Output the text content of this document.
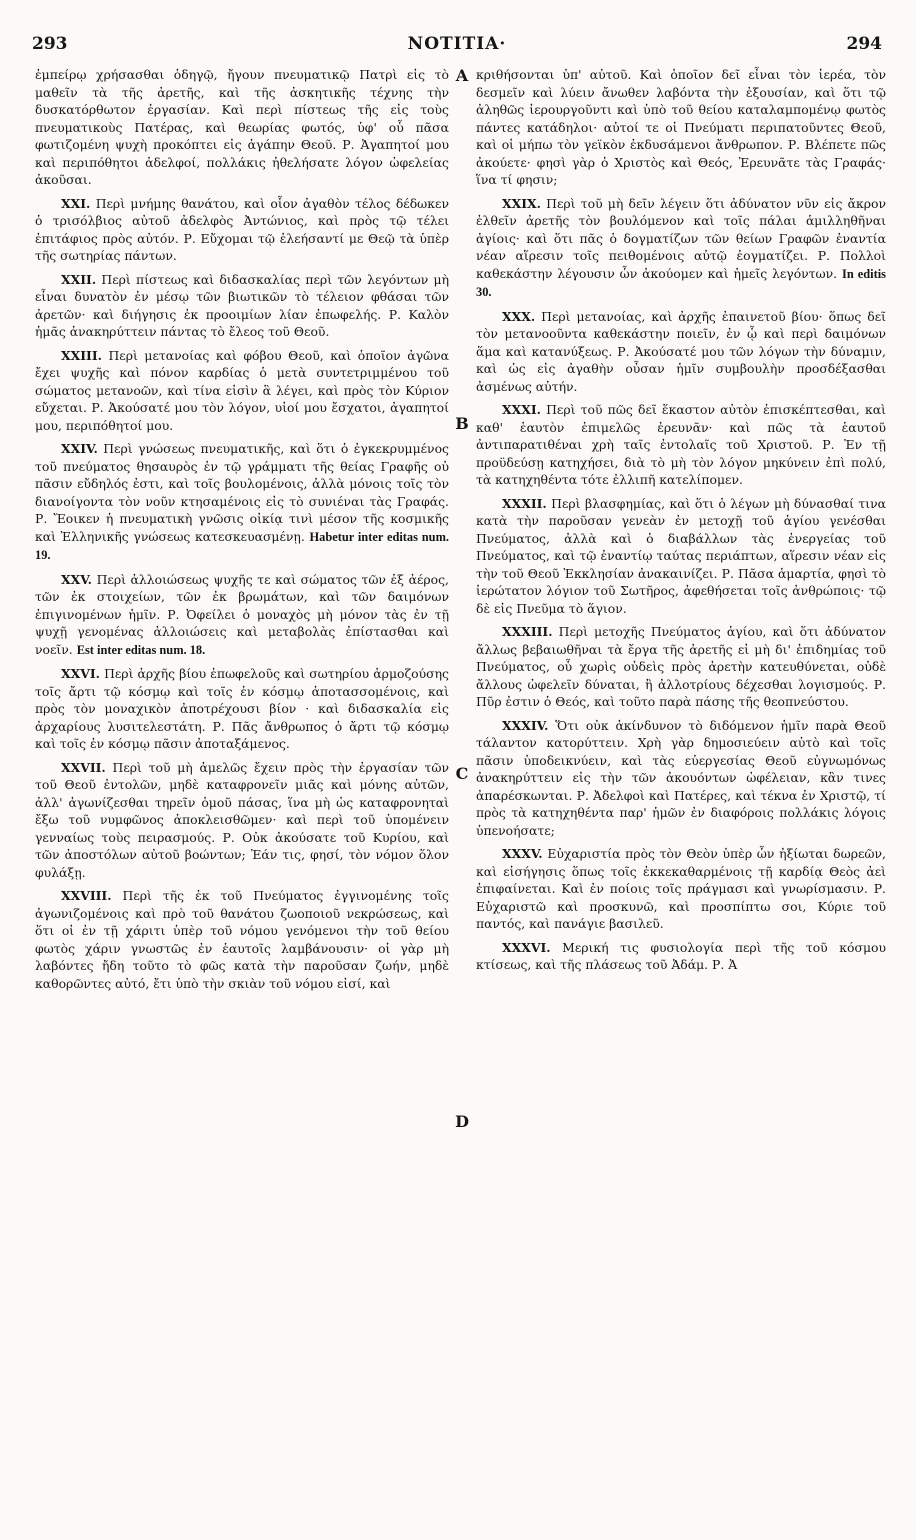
293	NOTITIA·	294
A
B
C
D

ἐμπείρῳ χρήσασθαι ὁδηγῷ, ἤγουν πνευματικῷ Πατρὶ εἰς τὸ μαθεῖν τὰ τῆς ἀρετῆς, καὶ τῆς ἀσκητικῆς τέχνης τὴν δυσκατόρθωτον ἐργασίαν. Καὶ περὶ πίστεως τῆς εἰς τοὺς πνευματικοὺς Πατέρας, καὶ θεωρίας φωτός, ὑφ' οὗ πᾶσα φωτιζομένη ψυχὴ προκόπτει εἰς ἀγάπην Θεοῦ. Ρ. Ἀγαπητοί μου καὶ περιπόθητοι ἀδελφοί, πολλάκις ἠθελήσατε λόγον ὠφελείας ἀκοῦσαι.

XXI. Περὶ μνήμης θανάτου, καὶ οἷον ἀγαθὸν τέλος δέδωκεν ὁ τρισόλβιος αὐτοῦ ἀδελφὸς Ἀντώνιος, καὶ πρὸς τῷ τέλει ἐπιτάφιος πρὸς αὐτόν. Ρ. Εὔχομαι τῷ ἐλεήσαντί με Θεῷ τὰ ὑπὲρ τῆς σωτηρίας πάντων.

XXII. Περὶ πίστεως καὶ διδασκαλίας περὶ τῶν λεγόντων μὴ εἶναι δυνατὸν ἐν μέσῳ τῶν βιωτικῶν τὸ τέλειον φθάσαι τῶν ἀρετῶν· καὶ διήγησις ἐκ προοιμίων λίαν ἐπωφελής. Ρ. Καλὸν ἡμᾶς ἀνακηρύττειν πάντας τὸ ἔλεος τοῦ Θεοῦ.

XXIII. Περὶ μετανοίας καὶ φόβου Θεοῦ, καὶ ὁποῖον ἀγῶνα ἔχει ψυχῆς καὶ πόνον καρδίας ὁ μετὰ συντετριμμένου τοῦ σώματος μετανοῶν, καὶ τίνα εἰσὶν ἃ λέγει, καὶ πρὸς τὸν Κύριον εὔχεται. Ρ. Ἀκούσατέ μου τὸν λόγον, υἱοί μου ἔσχατοι, ἀγαπητοί μου, περιπόθητοί μου.

XXIV. Περὶ γνώσεως πνευματικῆς, καὶ ὅτι ὁ ἐγκεκρυμμένος τοῦ πνεύματος θησαυρὸς ἐν τῷ γράμματι τῆς θείας Γραφῆς οὐ πᾶσιν εὔδηλός ἐστι, καὶ τοῖς βουλομένοις, ἀλλὰ μόνοις τοῖς τὸν διανοίγοντα τὸν νοῦν κτησαμένοις εἰς τὸ συνιέναι τὰς Γραφάς. Ρ. Ἔοικεν ἡ πνευματικὴ γνῶσις οἰκίᾳ τινὶ μέσον τῆς κοσμικῆς καὶ Ἑλληνικῆς γνώσεως κατεσκευασμένῃ. Habetur inter editas num. 19.

XXV. Περὶ ἀλλοιώσεως ψυχῆς τε καὶ σώματος τῶν ἐξ ἀέρος, τῶν ἐκ στοιχείων, τῶν ἐκ βρωμάτων, καὶ τῶν δαιμόνων ἐπιγινομένων ἡμῖν. Ρ. Ὀφείλει ὁ μοναχὸς μὴ μόνον τὰς ἐν τῇ ψυχῇ γενομένας ἀλλοιώσεις καὶ μεταβολὰς ἐπίστασθαι καὶ νοεῖν. Est inter editas num. 18.

XXVI. Περὶ ἀρχῆς βίου ἐπωφελοῦς καὶ σωτηρίου ἁρμοζούσης τοῖς ἄρτι τῷ κόσμῳ καὶ τοῖς ἐν κόσμῳ ἀποτασσομένοις, καὶ πρὸς τὸν μοναχικὸν ἀποτρέχουσι βίον · καὶ διδασκαλία εἰς ἀρχαρίους λυσιτελεστάτη. Ρ. Πᾶς ἄνθρωπος ὁ ἄρτι τῷ κόσμῳ καὶ τοῖς ἐν κόσμῳ πᾶσιν ἀποταξάμενος.

XXVII. Περὶ τοῦ μὴ ἀμελῶς ἔχειν πρὸς τὴν ἐργασίαν τῶν τοῦ Θεοῦ ἐντολῶν, μηδὲ καταφρονεῖν μιᾶς καὶ μόνης αὐτῶν, ἀλλ' ἀγωνίζεσθαι τηρεῖν ὁμοῦ πάσας, ἵνα μὴ ὡς καταφρονηταὶ ἔξω τοῦ νυμφῶνος ἀποκλεισθῶμεν· καὶ περὶ τοῦ ὑπομένειν γενναίως τοὺς πειρασμούς. Ρ. Οὐκ ἀκούσατε τοῦ Κυρίου, καὶ τῶν ἀποστόλων αὐτοῦ βοώντων; Ἐάν τις, φησί, τὸν νόμον ὅλον φυλάξῃ.

XXVIII. Περὶ τῆς ἐκ τοῦ Πνεύματος ἐγγινομένης τοῖς ἀγωνιζομένοις καὶ πρὸ τοῦ θανάτου ζωοποιοῦ νεκρώσεως, καὶ ὅτι οἱ ἐν τῇ χάριτι ὑπὲρ τοῦ νόμου γενόμενοι τὴν τοῦ θείου φωτὸς χάριν γνωστῶς ἐν ἑαυτοῖς λαμβάνουσιν· οἱ γὰρ μὴ λαβόντες ἤδη τοῦτο τὸ φῶς κατὰ τὴν παροῦσαν ζωήν, μηδὲ καθορῶντες αὐτό, ἔτι ὑπὸ τὴν σκιὰν τοῦ νόμου εἰσί, καὶ

κριθήσονται ὑπ' αὐτοῦ. Καὶ ὁποῖον δεῖ εἶναι τὸν ἱερέα, τὸν δεσμεῖν καὶ λύειν ἄνωθεν λαβόντα τὴν ἐξουσίαν, καὶ ὅτι τῷ ἀληθῶς ἱερουργοῦντι καὶ ὑπὸ τοῦ θείου καταλαμπομένῳ φωτὸς πάντες κατάδηλοι· αὐτοί τε οἱ Πνεύματι περιπατοῦντες Θεοῦ, καὶ οἱ μήπω τὸν γεϊκὸν ἐκδυσάμενοι ἄνθρωπον. Ρ. Βλέπετε πῶς ἀκούετε· φησὶ γὰρ ὁ Χριστὸς καὶ Θεός, Ἐρευνᾶτε τὰς Γραφάς· ἵνα τί φησιν;

XXIX. Περὶ τοῦ μὴ δεῖν λέγειν ὅτι ἀδύνατον νῦν εἰς ἄκρον ἐλθεῖν ἀρετῆς τὸν βουλόμενον καὶ τοῖς πάλαι ἁμιλληθῆναι ἁγίοις· καὶ ὅτι πᾶς ὁ δογματίζων τῶν θείων Γραφῶν ἐναντία νέαν αἵρεσιν τοῖς πειθομένοις αὐτῷ ἐογματίζει. Ρ. Πολλοὶ καθεκάστην λέγουσιν ὧν ἀκούομεν καὶ ἡμεῖς λεγόντων. In editis 30.

XXX. Περὶ μετανοίας, καὶ ἀρχῆς ἐπαινετοῦ βίου· ὅπως δεῖ τὸν μετανοοῦντα καθεκάστην ποιεῖν, ἐν ᾧ καὶ περὶ δαιμόνων ἅμα καὶ κατανύξεως. Ρ. Ἀκούσατέ μου τῶν λόγων τὴν δύναμιν, καὶ ὡς εἰς ἀγαθὴν οὖσαν ἡμῖν συμβουλὴν προσδέξασθαι ἀσμένως αὐτήν.

XXXI. Περὶ τοῦ πῶς δεῖ ἕκαστον αὐτὸν ἐπισκέπτεσθαι, καὶ καθ' ἑαυτὸν ἐπιμελῶς ἐρευνᾶν· καὶ πῶς τὰ ἑαυτοῦ ἀντιπαρατιθέναι χρὴ ταῖς ἐντολαῖς τοῦ Χριστοῦ. Ρ. Ἐν τῇ προϋδεύσῃ κατηχήσει, διὰ τὸ μὴ τὸν λόγον μηκύνειν ἐπὶ πολύ, τὰ κατηχηθέντα τότε ἐλλιπῆ κατελίπομεν.

XXXII. Περὶ βλασφημίας, καὶ ὅτι ὁ λέγων μὴ δύνασθαί τινα κατὰ τὴν παροῦσαν γενεὰν ἐν μετοχῇ τοῦ ἁγίου γενέσθαι Πνεύματος, ἀλλὰ καὶ ὁ διαβάλλων τὰς ἐνεργείας τοῦ Πνεύματος, καὶ τῷ ἐναντίῳ ταύτας περιάπτων, αἵρεσιν νέαν εἰς τὴν τοῦ Θεοῦ Ἐκκλησίαν ἀνακαινίζει. Ρ. Πᾶσα ἁμαρτία, φησὶ τὸ ἱερώτατον λόγιον τοῦ Σωτῆρος, ἀφεθήσεται τοῖς ἀνθρώποις· τῷ δὲ εἰς Πνεῦμα τὸ ἅγιον.

XXXIII. Περὶ μετοχῆς Πνεύματος ἁγίου, καὶ ὅτι ἀδύνατον ἄλλως βεβαιωθῆναι τὰ ἔργα τῆς ἀρετῆς εἰ μὴ δι' ἐπιδημίας τοῦ Πνεύματος, οὗ χωρὶς οὐδεὶς πρὸς ἀρετὴν κατευθύνεται, οὐδὲ ἄλλους ὠφελεῖν δύναται, ἢ ἀλλοτρίους δέχεσθαι λογισμούς. Ρ. Πῦρ ἐστιν ὁ Θεός, καὶ τοῦτο παρὰ πάσης τῆς θεοπνεύστου.

XXXIV. Ὅτι οὐκ ἀκίνδυνον τὸ διδόμενον ἡμῖν παρὰ Θεοῦ τάλαντον κατορύττειν. Χρὴ γὰρ δημοσιεύειν αὐτὸ καὶ τοῖς πᾶσιν ὑποδεικνύειν, καὶ τὰς εὐεργεσίας Θεοῦ εὐγνωμόνως ἀνακηρύττειν εἰς τὴν τῶν ἀκουόντων ὠφέλειαν, κἂν τινες ἀπαρέσκωνται. Ρ. Ἀδελφοὶ καὶ Πατέρες, καὶ τέκνα ἐν Χριστῷ, τί πρὸς τὰ κατηχηθέντα παρ' ἡμῶν ἐν διαφόροις πολλάκις λόγοις ὑπενοήσατε;

XXXV. Εὐχαριστία πρὸς τὸν Θεὸν ὑπὲρ ὧν ἠξίωται δωρεῶν, καὶ εἰσήγησις ὅπως τοῖς ἐκκεκαθαρμένοις τῇ καρδίᾳ Θεὸς ἀεὶ ἐπιφαίνεται. Καὶ ἐν ποίοις τοῖς πράγμασι καὶ γνωρίσμασιν. Ρ. Εὐχαριστῶ καὶ προσκυνῶ, καὶ προσπίπτω σοι, Κύριε τοῦ παντός, καὶ πανάγιε βασιλεῦ.

XXXVI. Μερική τις φυσιολογία περὶ τῆς τοῦ κόσμου κτίσεως, καὶ τῆς πλάσεως τοῦ Ἀδάμ. Ρ. Ἀ
